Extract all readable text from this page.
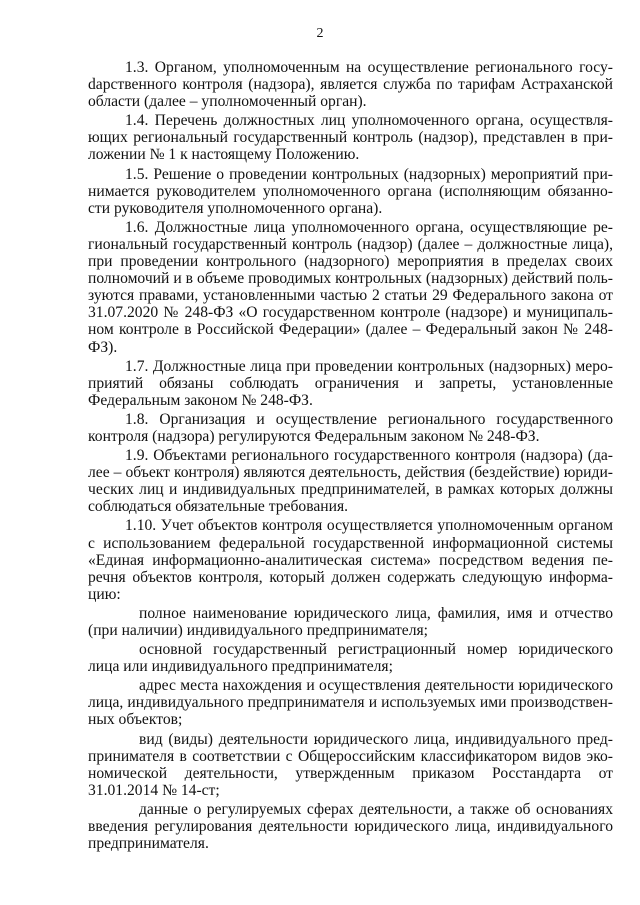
2

1.3. Органом, уполномоченным на осуществление регионального госуdарственного контроля (надзора), является служба по тарифам Астраханской области (далее – уполномоченный орган).

1.4. Перечень должностных лиц уполномоченного органа, осуществляющих региональный государственный контроль (надзор), представлен в приложении № 1 к настоящему Положению.

1.5. Решение о проведении контрольных (надзорных) мероприятий принимается руководителем уполномоченного органа (исполняющим обязанности руководителя уполномоченного органа).

1.6. Должностные лица уполномоченного органа, осуществляющие региональный государственный контроль (надзор) (далее – должностные лица), при проведении контрольного (надзорного) мероприятия в пределах своих полномочий и в объеме проводимых контрольных (надзорных) действий пользуются правами, установленными частью 2 статьи 29 Федерального закона от 31.07.2020 № 248-ФЗ «О государственном контроле (надзоре) и муниципальном контроле в Российской Федерации» (далее – Федеральный закон № 248-ФЗ).

1.7. Должностные лица при проведении контрольных (надзорных) мероприятий обязаны соблюдать ограничения и запреты, установленные Федеральным законом № 248-ФЗ.

1.8. Организация и осуществление регионального государственного контроля (надзора) регулируются Федеральным законом № 248-ФЗ.

1.9. Объектами регионального государственного контроля (надзора) (далее – объект контроля) являются деятельность, действия (бездействие) юридических лиц и индивидуальных предпринимателей, в рамках которых должны соблюдаться обязательные требования.

1.10. Учет объектов контроля осуществляется уполномоченным органом с использованием федеральной государственной информационной системы «Единая информационно-аналитическая система» посредством ведения перечня объектов контроля, который должен содержать следующую информацию:

полное наименование юридического лица, фамилия, имя и отчество (при наличии) индивидуального предпринимателя;

основной государственный регистрационный номер юридического лица или индивидуального предпринимателя;

адрес места нахождения и осуществления деятельности юридического лица, индивидуального предпринимателя и используемых ими производственных объектов;

вид (виды) деятельности юридического лица, индивидуального предпринимателя в соответствии с Общероссийским классификатором видов экономической деятельности, утвержденным приказом Росстандарта от 31.01.2014 № 14-ст;

данные о регулируемых сферах деятельности, а также об основаниях введения регулирования деятельности юридического лица, индивидуального предпринимателя.
